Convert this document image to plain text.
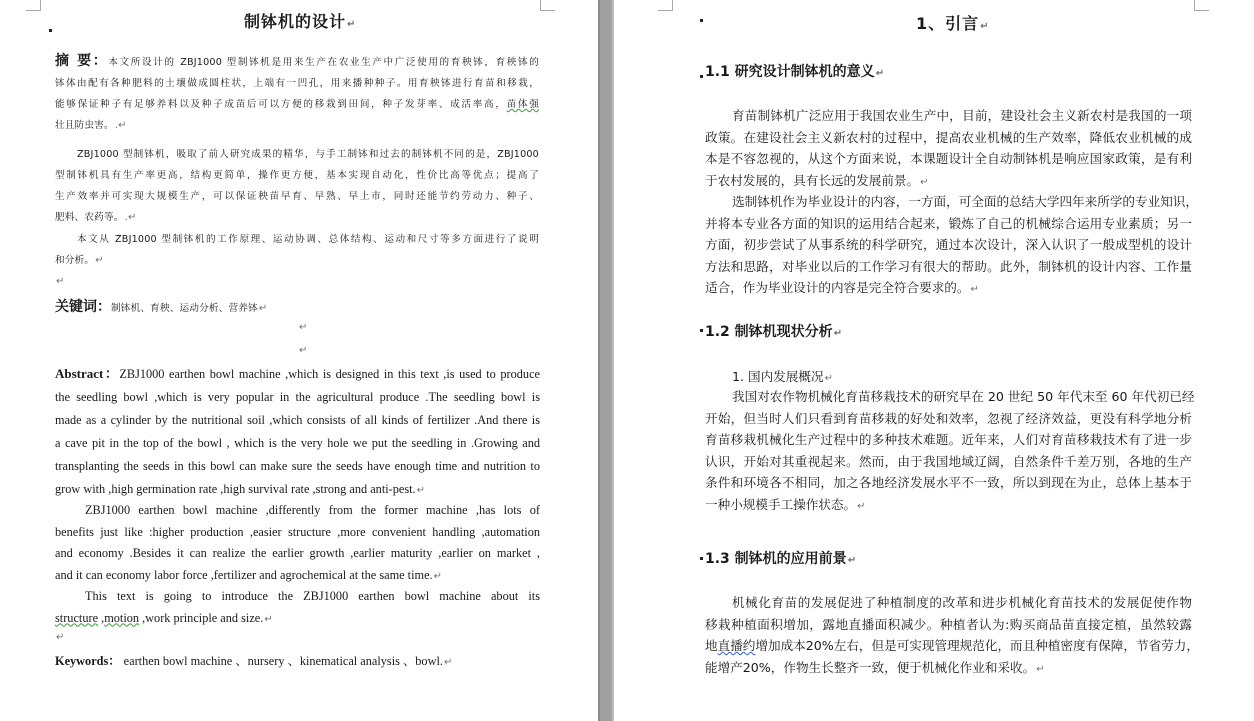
制钵机的设计↵
摘 要：本文所设计的 ZBJ1000 型制钵机是用来生产在农业生产中广泛使用的育秧钵，育秧钵的
钵体由配有各种肥料的土壤做成圆柱状，上端有一凹孔，用来播种种子。用育秧钵进行育苗和移栽，
能够保证种子有足够养料以及种子成苗后可以方便的移栽到田间，种子发芽率、成活率高，苗体强
壮且防虫害。.↵
ZBJ1000 型制钵机，吸取了前人研究成果的精华，与手工制钵和过去的制钵机不同的是，ZBJ1000
型制钵机具有生产率更高，结构更简单，操作更方便，基本实现自动化，性价比高等优点；提高了
生产效率并可实现大规模生产，可以保证秧苗早育、早熟、早上市，同时还能节约劳动力、种子、
肥料、农药等。.↵
本文从 ZBJ1000 型制钵机的工作原理、运动协调、总体结构、运动和尺寸等多方面进行了说明
和分析。↵
↵
关键词：制钵机、育秧、运动分析、营养钵↵
↵
↵
Abstract：ZBJ1000 earthen bowl machine ,which is designed in this text ,is used to produce
the seedling bowl ,which is very popular in the agricultural produce .The seedling bowl is
made as a cylinder by the nutritional soil ,which consists of all kinds of fertilizer .And there is
a cave pit in the top of the bowl , which is the very hole we put the seedling in .Growing and
transplanting the seeds in this bowl can make sure the seeds have enough time and nutrition to
grow with ,high germination rate ,high survival rate ,strong and anti-pest.↵
ZBJ1000 earthen bowl machine ,differently from the former machine ,has lots of
benefits just like :higher production ,easier structure ,more convenient handling ,automation
and economy .Besides it can realize the earlier growth ,earlier maturity ,earlier on market ,
and it can economy labor force ,fertilizer and agrochemical at the same time.↵
This text is going to introduce the ZBJ1000 earthen bowl machine about its
structure ,motion ,work principle and size.↵
↵
Keywords： earthen bowl machine 、nursery 、kinematical analysis 、bowl.↵
1、引言↵
1.1 研究设计制钵机的意义↵
育苗制钵机广泛应用于我国农业生产中，目前，建设社会主义新农村是我国的一项
政策。在建设社会主义新农村的过程中，提高农业机械的生产效率，降低农业机械的成
本是不容忽视的，从这个方面来说，本课题设计全自动制钵机是响应国家政策，是有利
于农村发展的，具有长远的发展前景。↵
选制钵机作为毕业设计的内容，一方面，可全面的总结大学四年来所学的专业知识，
并将本专业各方面的知识的运用结合起来，锻炼了自己的机械综合运用专业素质；另一
方面，初步尝试了从事系统的科学研究，通过本次设计，深入认识了一般成型机的设计
方法和思路，对毕业以后的工作学习有很大的帮助。此外，制钵机的设计内容、工作量
适合，作为毕业设计的内容是完全符合要求的。↵
1.2 制钵机现状分析↵
1. 国内发展概况↵
我国对农作物机械化育苗移栽技术的研究早在 20 世纪 50 年代末至 60 年代初已经
开始，但当时人们只看到育苗移栽的好处和效率，忽视了经济效益，更没有科学地分析
育苗移栽机械化生产过程中的多种技术难题。近年来，人们对育苗移栽技术有了进一步
认识，开始对其重视起来。然而，由于我国地域辽阔，自然条件千差万别，各地的生产
条件和环境各不相同，加之各地经济发展水平不一致，所以到现在为止，总体上基本于
一种小规模手工操作状态。↵
1.3 制钵机的应用前景↵
机械化育苗的发展促进了种植制度的改革和进步机械化育苗技术的发展促使作物
移栽种植面积增加，露地直播面积减少。种植者认为:购买商品苗直接定植，虽然较露
地直播约增加成本20%左右，但是可实现管理规范化，而且种植密度有保障，节省劳力，
能增产20%，作物生长整齐一致，便于机械化作业和采收。↵
